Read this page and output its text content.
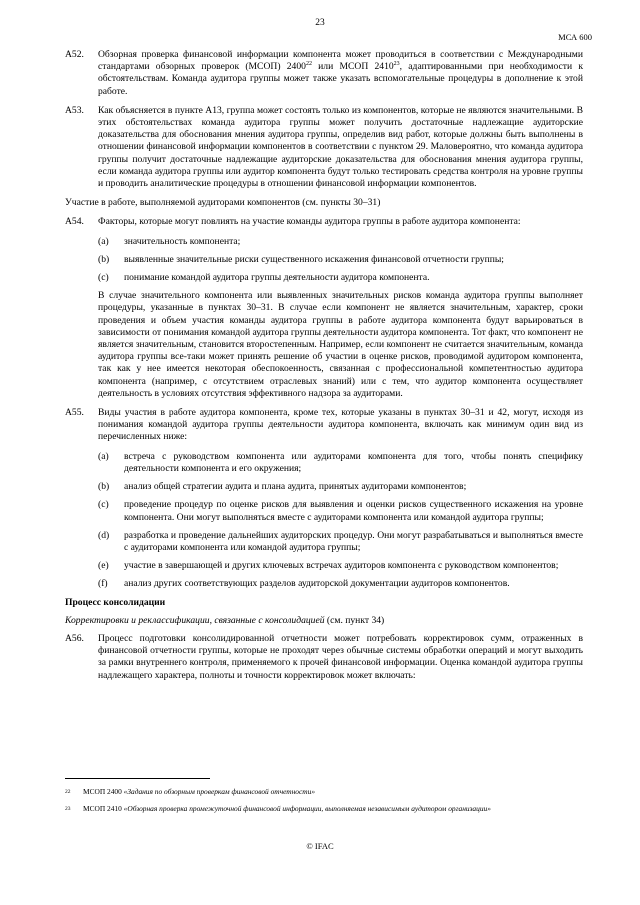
23
МСА 600
A52.	Обзорная проверка финансовой информации компонента может проводиться в соответствии с Международными стандартами обзорных проверок (МСОП) 2400$^{22}$ или МСОП 2410$^{23}$, адаптированными при необходимости к обстоятельствам. Команда аудитора группы может также указать вспомогательные процедуры в дополнение к этой работе.
A53.	Как объясняется в пункте A13, группа может состоять только из компонентов, которые не являются значительными. В этих обстоятельствах команда аудитора группы может получить достаточные надлежащие аудиторские доказательства для обоснования мнения аудитора группы, определив вид работ, которые должны быть выполнены в отношении финансовой информации компонентов в соответствии с пунктом 29. Маловероятно, что команда аудитора группы получит достаточные надлежащие аудиторские доказательства для обоснования мнения аудитора группы, если команда аудитора группы или аудитор компонента будут только тестировать средства контроля на уровне группы и проводить аналитические процедуры в отношении финансовой информации компонентов.

Участие в работе, выполняемой аудиторами компонентов (см. пункты 30–31)

A54.	Факторы, которые могут повлиять на участие команды аудитора группы в работе аудитора компонента:
(a)	значительность компонента;
(b)	выявленные значительные риски существенного искажения финансовой отчетности группы;
(c)	понимание командой аудитора группы деятельности аудитора компонента.

В случае значительного компонента или выявленных значительных рисков команда аудитора группы выполняет процедуры, указанные в пунктах 30–31. В случае если компонент не является значительным, характер, сроки проведения и объем участия команды аудитора группы в работе аудитора компонента будут варьироваться в зависимости от понимания командой аудитора группы деятельности аудитора компонента. Тот факт, что компонент не является значительным, становится второстепенным. Например, если компонент не считается значительным, команда аудитора группы все-таки может принять решение об участии в оценке рисков, проводимой аудитором компонента, так как у нее имеется некоторая обеспокоенность, связанная с профессиональной компетентностью аудитора компонента (например, с отсутствием отраслевых знаний) или с тем, что аудитор компонента осуществляет деятельность в условиях отсутствия эффективного надзора за аудиторами.

A55.	Виды участия в работе аудитора компонента, кроме тех, которые указаны в пунктах 30–31 и 42, могут, исходя из понимания командой аудитора группы деятельности аудитора компонента, включать как минимум один вид из перечисленных ниже:
(a)	встреча с руководством компонента или аудиторами компонента для того, чтобы понять специфику деятельности компонента и его окружения;
(b)	анализ общей стратегии аудита и плана аудита, принятых аудиторами компонентов;
(c)	проведение процедур по оценке рисков для выявления и оценки рисков существенного искажения на уровне компонента. Они могут выполняться вместе с аудиторами компонента или командой аудитора группы;
(d)	разработка и проведение дальнейших аудиторских процедур. Они могут разрабатываться и выполняться вместе с аудиторами компонента или командой аудитора группы;
(e)	участие в завершающей и других ключевых встречах аудиторов компонента с руководством компонентов;
(f)	анализ других соответствующих разделов аудиторской документации аудиторов компонентов.

Процесс консолидации

Корректировки и реклассификации, связанные с консолидацией (см. пункт 34)

A56.	Процесс подготовки консолидированной отчетности может потребовать корректировок сумм, отраженных в финансовой отчетности группы, которые не проходят через обычные системы обработки операций и могут выходить за рамки внутреннего контроля, применяемого к прочей финансовой информации. Оценка командой аудитора группы надлежащего характера, полноты и точности корректировок может включать:
22	МСОП 2400 «Задания по обзорным проверкам финансовой отчетности»
23	МСОП 2410 «Обзорная проверка промежуточной финансовой информации, выполняемая независимым аудитором организации»
© IFAC
